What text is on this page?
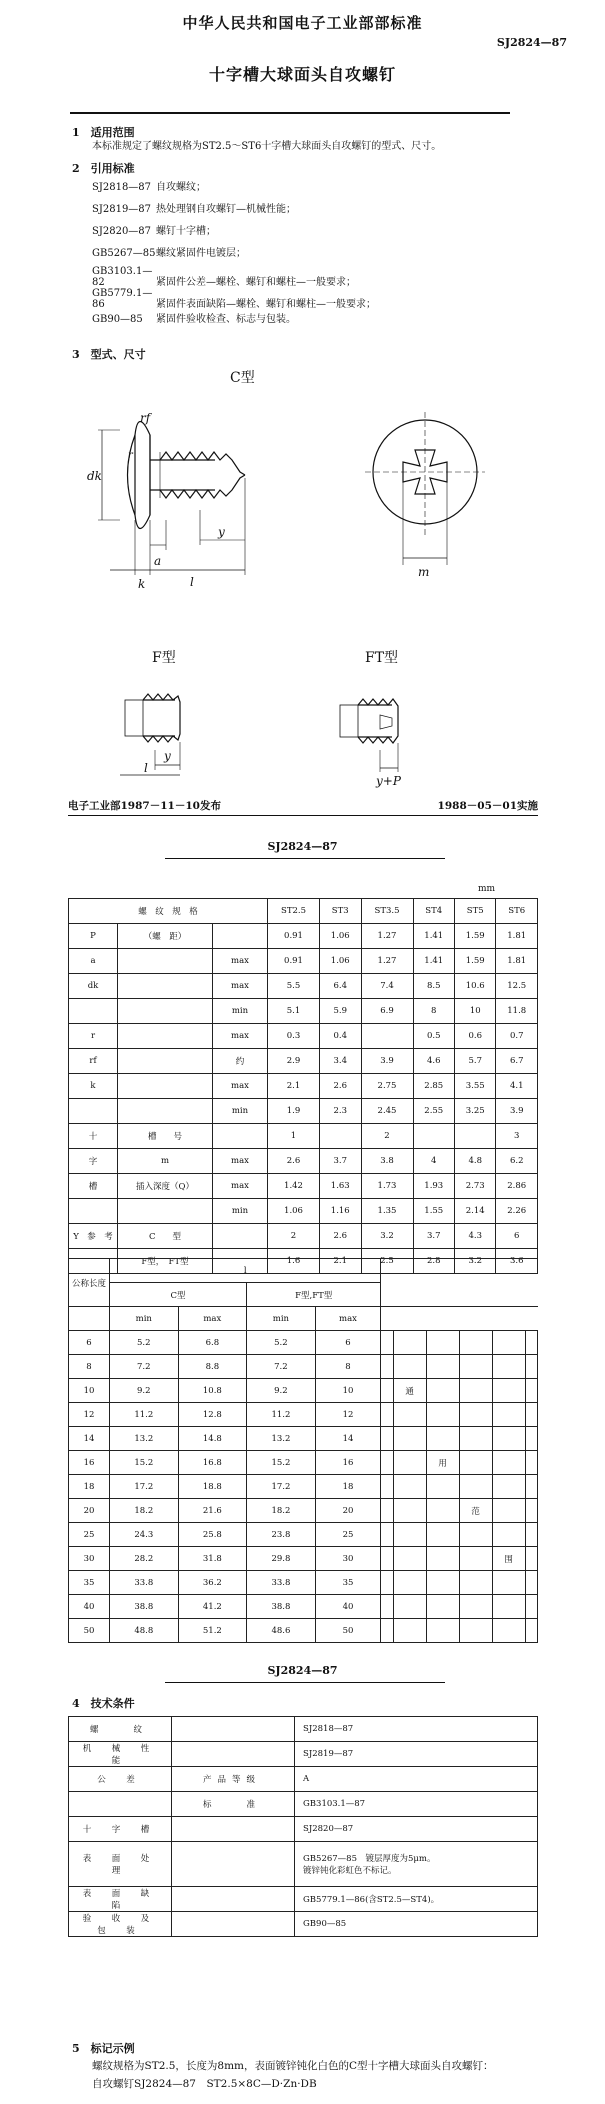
中华人民共和国电子工业部部标准
SJ2824—87
十字槽大球面头自攻螺钉
1　 适用范围
本标准规定了螺纹规格为ST2.5～ST6十字槽大球面头自攻螺钉的型式、尺寸。
2　 引用标准
SJ2818—87 自攻螺纹；
SJ2819—87 热处理钢自攻螺钉—机械性能；
SJ2820—87 螺钉十字槽；
GB5267—85螺纹紧固件电镀层；
GB3103.1—82	紧固件公差—螺栓、螺钉和螺柱—一般要求；
GB5779.1—86	紧固件表面缺陷—螺栓、螺钉和螺柱—一般要求；
GB90—85 紧固件验收检查、标志与包装。
3　 型式、尺寸
dk
k	l
y
a
m
rf
r
y
l
y+P
C型
F型	FT型
电子工业部1987－11－10发布	1988－05－01实施
SJ2824—87
mm
螺　纹　规　格			ST2.5	ST3	ST3.5	ST4	ST5	ST6
P	（螺　距）		0.91	1.06	1.27	1.41	1.59	1.81
a		max	0.91	1.06	1.27	1.41	1.59	1.81
dk		max	5.5	6.4	7.4	8.5	10.6	12.5
		min	5.1	5.9	6.9	8	10	11.8
r		max	0.3	0.4		0.5	0.6	0.7
rf		约	2.9	3.4	3.9	4.6	5.7	6.7
k		max	2.1	2.6	2.75	2.85	3.55	4.1
		min	1.9	2.3	2.45	2.55	3.25	3.9
十	槽　　号		1		2			3
字	m	max	2.6	3.7	3.8	4	4.8	6.2
槽	插入深度（Q）	max	1.42	1.63	1.73	1.93	2.73	2.86
		min	1.06	1.16	1.35	1.55	2.14	2.26
Y　参　考	C　　型		2	2.6	3.2	3.7	4.3	6
	F型，　FT型		1.6	2.1	2.5	2.8	3.2	3.6
公称长度	l									
	C型		F型,FT型							
	min	max	min	max						
6	5.2	6.8	5.2	6						
8	7.2	8.8	7.2	8						
10	9.2	10.8	9.2	10		通				
12	11.2	12.8	11.2	12						
14	13.2	14.8	13.2	14						
16	15.2	16.8	15.2	16			用			
18	17.2	18.8	17.2	18						
20	18.2	21.6	18.2	20				范		
25	24.3	25.8	23.8	25						
30	28.2	31.8	29.8	30					围	
35	33.8	36.2	33.8	35						
40	38.8	41.2	38.8	40						
50	48.8	51.2	48.6	50						
SJ2824—87
4　 技术条件
螺　　纹		SJ2818—87

机　械　性　能		SJ2819—87

公　差	产品等级	A

	标　　准	GB3103.1—87

十　字　槽		SJ2820—87

表　面　处　理		GB5267—85　镀层厚度为5μm。
镀锌钝化彩虹色不标记。

表　面　缺　陷		GB5779.1—86(含ST2.5—ST4)。

验　收　及　包　装		GB90—85
5　 标记示例
螺纹规格为ST2.5，长度为8mm，表面镀锌钝化白色的C型十字槽大球面头自攻螺钉：
自攻螺钉SJ2824—87　ST2.5×8C—D·Zn·DB
